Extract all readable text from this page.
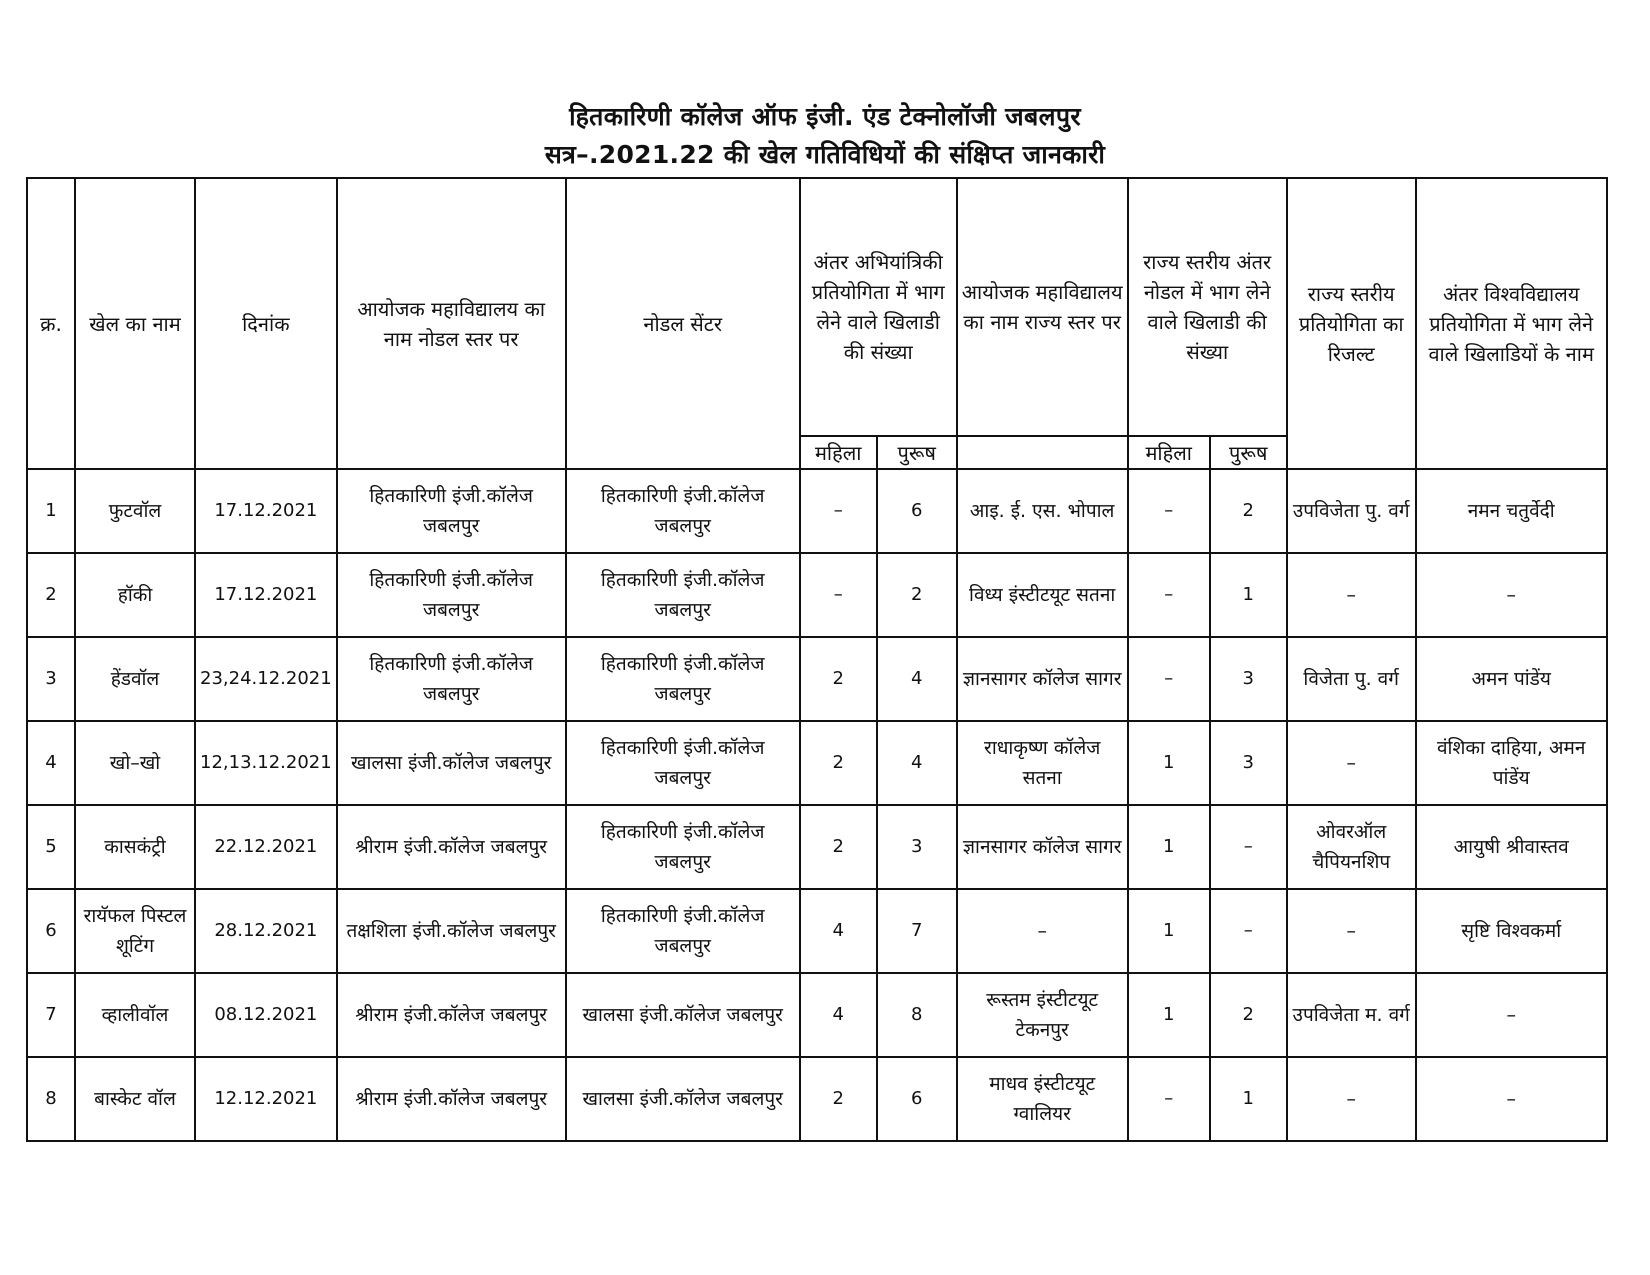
हितकारिणी कॉलेज ऑफ इंजी. एंड टेक्नोलॉजी जबलपुर
सत्र–.2021.22 की खेल गतिविधियों की संक्षिप्त जानकारी
क्र.	खेल का नाम	दिनांक	आयोजक महाविद्यालय का नाम नोडल स्तर पर	नोडल सेंटर	अंतर अभियांत्रिकी प्रतियोगिता में भाग लेने वाले खिलाडी की संख्या		आयोजक महाविद्यालय का नाम राज्य स्तर पर	राज्य स्तरीय अंतर नोडल में भाग लेने वाले खिलाडी की संख्या		राज्य स्तरीय प्रतियोगिता का रिजल्ट	अंतर विश्वविद्यालय प्रतियोगिता में भाग लेने वाले खिलाडियों के नाम
					महिला	पुरूष		महिला	पुरूष		
1	फुटवॉल	17.12.2021	हितकारिणी इंजी.कॉलेज जबलपुर	हितकारिणी इंजी.कॉलेज जबलपुर	–	6	आइ. ई. एस. भोपाल	–	2	उपविजेता पु. वर्ग	नमन चतुर्वेदी
2	हॉकी	17.12.2021	हितकारिणी इंजी.कॉलेज जबलपुर	हितकारिणी इंजी.कॉलेज जबलपुर	–	2	विध्य इंस्टीटयूट सतना	–	1	–	–
3	हेंडवॉल	23,24.12.2021	हितकारिणी इंजी.कॉलेज जबलपुर	हितकारिणी इंजी.कॉलेज जबलपुर	2	4	ज्ञानसागर कॉलेज सागर	–	3	विजेता पु. वर्ग	अमन पांडेंय
4	खो–खो	12,13.12.2021	खालसा इंजी.कॉलेज जबलपुर	हितकारिणी इंजी.कॉलेज जबलपुर	2	4	राधाकृष्ण कॉलेज सतना	1	3	–	वंशिका दाहिया, अमन पांडेंय
5	कासकंट्री	22.12.2021	श्रीराम इंजी.कॉलेज जबलपुर	हितकारिणी इंजी.कॉलेज जबलपुर	2	3	ज्ञानसागर कॉलेज सागर	1	–	ओवरऑल चैपियनशिप	आयुषी श्रीवास्तव
6	रायॅफल पिस्टल शूटिंग	28.12.2021	तक्षशिला इंजी.कॉलेज जबलपुर	हितकारिणी इंजी.कॉलेज जबलपुर	4	7	–	1	–	–	सृष्टि विश्वकर्मा
7	व्हालीवॉल	08.12.2021	श्रीराम इंजी.कॉलेज जबलपुर	खालसा इंजी.कॉलेज जबलपुर	4	8	रूस्तम इंस्टीटयूट टेकनपुर	1	2	उपविजेता म. वर्ग	–
8	बास्केट वॉल	12.12.2021	श्रीराम इंजी.कॉलेज जबलपुर	खालसा इंजी.कॉलेज जबलपुर	2	6	माधव इंस्टीटयूट ग्वालियर	–	1	–	–
